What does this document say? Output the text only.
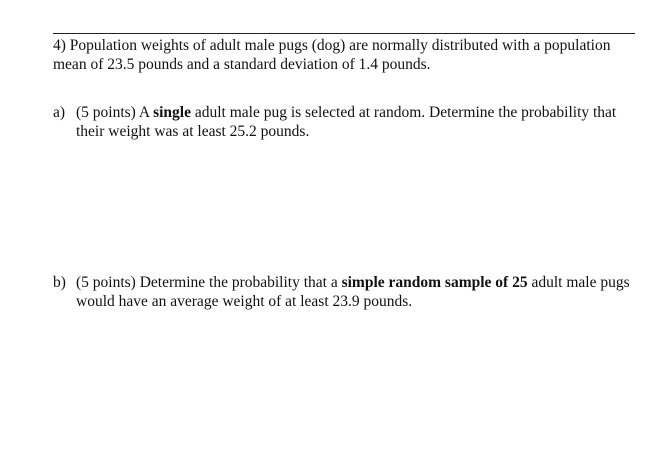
4) Population weights of adult male pugs (dog) are normally distributed with a population mean of 23.5 pounds and a standard deviation of 1.4 pounds.

a) (5 points) A single adult male pug is selected at random. Determine the probability that their weight was at least 25.2 pounds.

b) (5 points) Determine the probability that a simple random sample of 25 adult male pugs would have an average weight of at least 23.9 pounds.
